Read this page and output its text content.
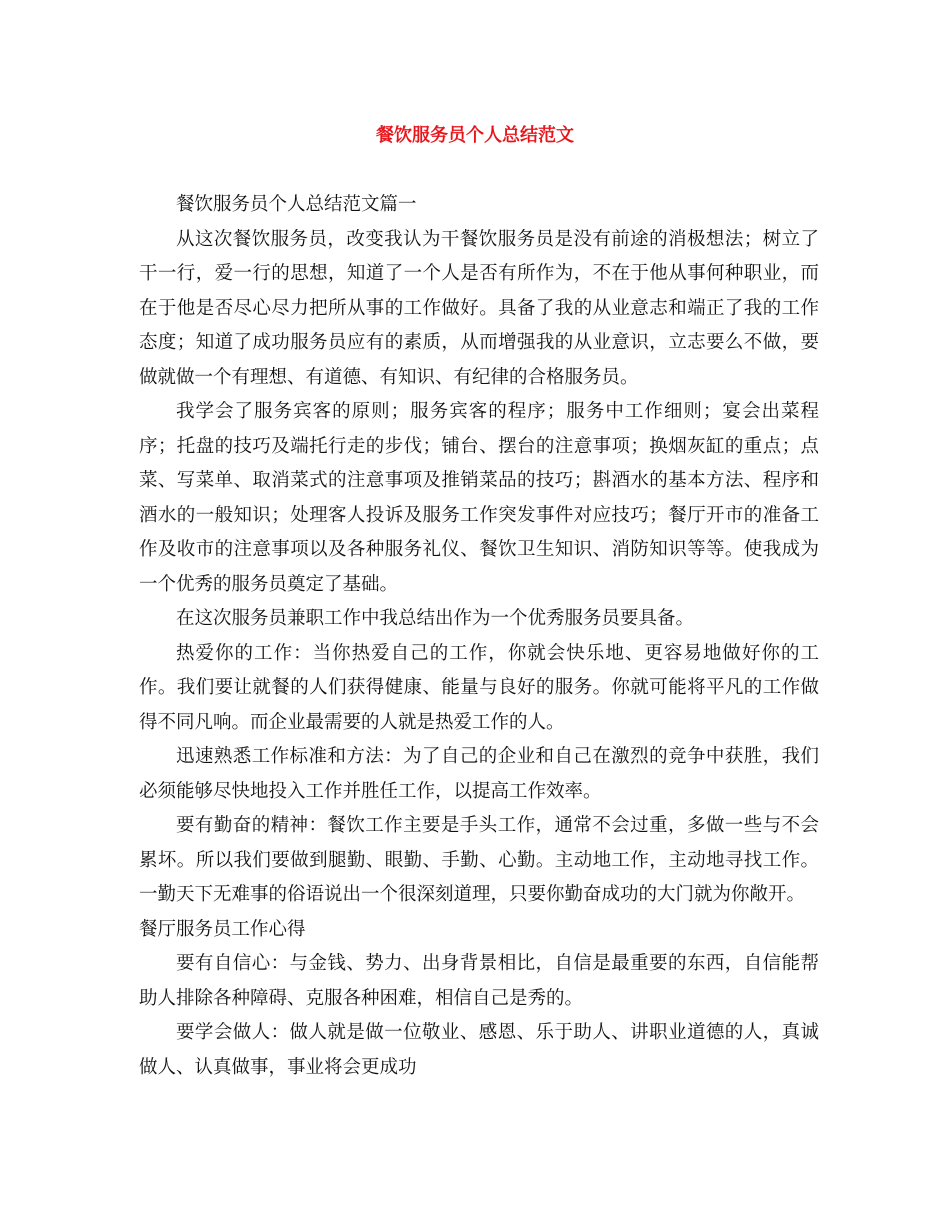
餐饮服务员个人总结范文

餐饮服务员个人总结范文篇一

从这次餐饮服务员，改变我认为干餐饮服务员是没有前途的消极想法；树立了干一行，爱一行的思想，知道了一个人是否有所作为，不在于他从事何种职业，而在于他是否尽心尽力把所从事的工作做好。具备了我的从业意志和端正了我的工作态度；知道了成功服务员应有的素质，从而增强我的从业意识，立志要么不做，要做就做一个有理想、有道德、有知识、有纪律的合格服务员。

我学会了服务宾客的原则；服务宾客的程序；服务中工作细则；宴会出菜程序；托盘的技巧及端托行走的步伐；铺台、摆台的注意事项；换烟灰缸的重点；点菜、写菜单、取消菜式的注意事项及推销菜品的技巧；斟酒水的基本方法、程序和酒水的一般知识；处理客人投诉及服务工作突发事件对应技巧；餐厅开市的准备工作及收市的注意事项以及各种服务礼仪、餐饮卫生知识、消防知识等等。使我成为一个优秀的服务员奠定了基础。

在这次服务员兼职工作中我总结出作为一个优秀服务员要具备。

热爱你的工作：当你热爱自己的工作，你就会快乐地、更容易地做好你的工作。我们要让就餐的人们获得健康、能量与良好的服务。你就可能将平凡的工作做得不同凡响。而企业最需要的人就是热爱工作的人。

迅速熟悉工作标准和方法：为了自己的企业和自己在激烈的竞争中获胜，我们必须能够尽快地投入工作并胜任工作，以提高工作效率。

要有勤奋的精神：餐饮工作主要是手头工作，通常不会过重，多做一些与不会累坏。所以我们要做到腿勤、眼勤、手勤、心勤。主动地工作，主动地寻找工作。一勤天下无难事的俗语说出一个很深刻道理，只要你勤奋成功的大门就为你敞开。

餐厅服务员工作心得

要有自信心：与金钱、势力、出身背景相比，自信是最重要的东西，自信能帮助人排除各种障碍、克服各种困难，相信自己是秀的。

要学会做人：做人就是做一位敬业、感恩、乐于助人、讲职业道德的人，真诚做人、认真做事，事业将会更成功
